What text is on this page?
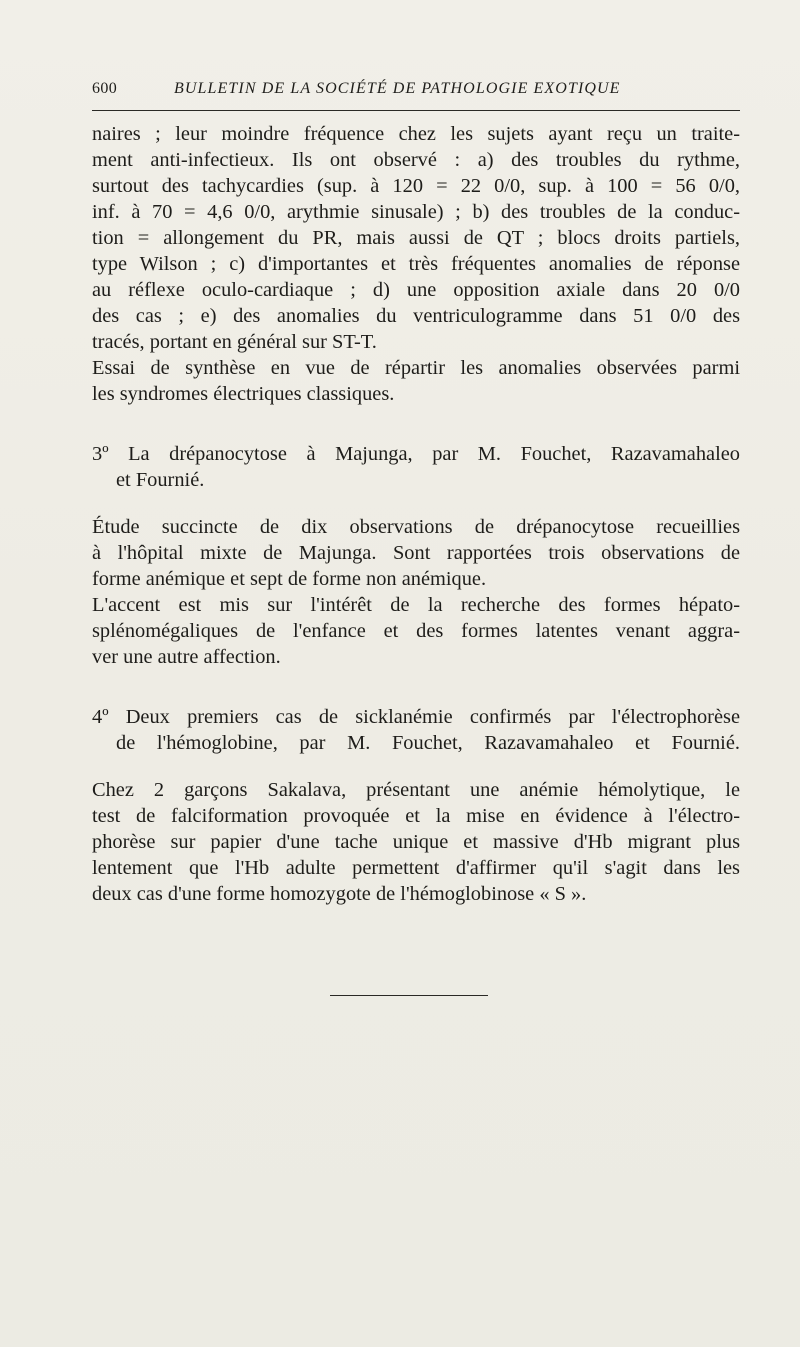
600	BULLETIN DE LA SOCIÉTÉ DE PATHOLOGIE EXOTIQUE
naires ; leur moindre fréquence chez les sujets ayant reçu un traite-
ment anti-infectieux. Ils ont observé : a) des troubles du rythme,
surtout des tachycardies (sup. à 120 = 22 0/0, sup. à 100 = 56 0/0,
inf. à 70 = 4,6 0/0, arythmie sinusale) ; b) des troubles de la conduc-
tion = allongement du PR, mais aussi de QT ; blocs droits partiels,
type Wilson ; c) d'importantes et très fréquentes anomalies de réponse
au réflexe oculo-cardiaque ; d) une opposition axiale dans 20 0/0
des cas ; e) des anomalies du ventriculogramme dans 51 0/0 des
tracés, portant en général sur ST-T.
Essai de synthèse en vue de répartir les anomalies observées parmi
les syndromes électriques classiques.
3º La drépanocytose à Majunga, par M. Fouchet, Razavamahaleo
et Fournié.
Étude succincte de dix observations de drépanocytose recueillies
à l'hôpital mixte de Majunga. Sont rapportées trois observations de
forme anémique et sept de forme non anémique.
L'accent est mis sur l'intérêt de la recherche des formes hépato-
splénomégaliques de l'enfance et des formes latentes venant aggra-
ver une autre affection.
4º Deux premiers cas de sicklanémie confirmés par l'électrophorèse
de l'hémoglobine, par M. Fouchet, Razavamahaleo et Fournié.
Chez 2 garçons Sakalava, présentant une anémie hémolytique, le
test de falciformation provoquée et la mise en évidence à l'électro-
phorèse sur papier d'une tache unique et massive d'Hb migrant plus
lentement que l'Hb adulte permettent d'affirmer qu'il s'agit dans les
deux cas d'une forme homozygote de l'hémoglobinose « S ».
